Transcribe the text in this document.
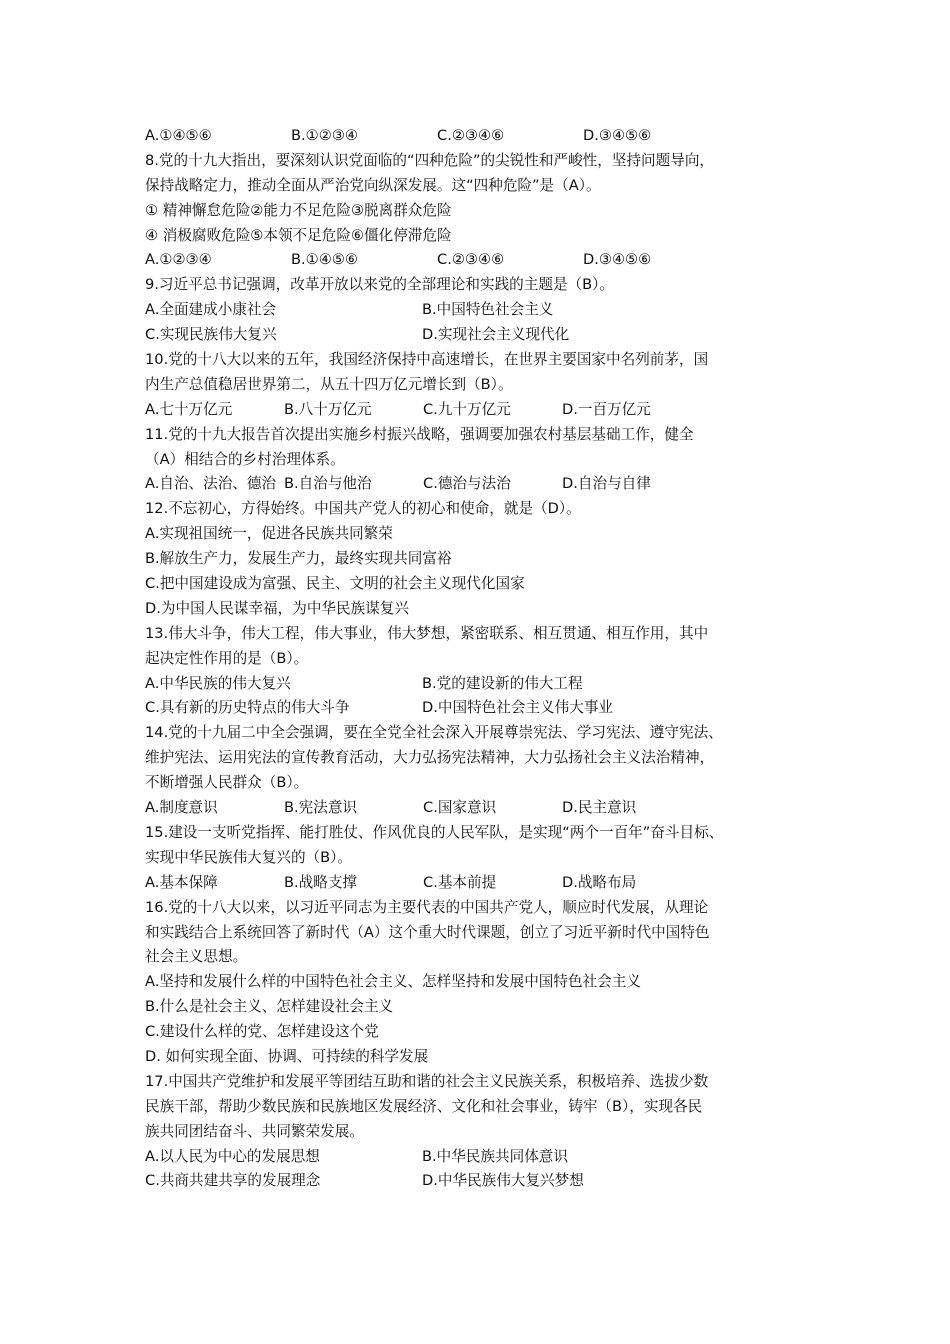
A.①④⑤⑥	B.①②③④	C.②③④⑥	D.③④⑤⑥
8.党的十九大指出，要深刻认识党面临的“四种危险”的尖锐性和严峻性，坚持问题导向，
保持战略定力，推动全面从严治党向纵深发展。这“四种危险”是（A）。
① 精神懈怠危险②能力不足危险③脱离群众危险
④ 消极腐败危险⑤本领不足危险⑥僵化停滞危险
A.①②③④	B.①④⑤⑥	C.②③④⑥	D.③④⑤⑥
9.习近平总书记强调，改革开放以来党的全部理论和实践的主题是（B）。
A.全面建成小康社会	B.中国特色社会主义
C.实现民族伟大复兴	D.实现社会主义现代化
10.党的十八大以来的五年，我国经济保持中高速增长，在世界主要国家中名列前茅，国
内生产总值稳居世界第二，从五十四万亿元增长到（B）。
A.七十万亿元	B.八十万亿元	C.九十万亿元	D.一百万亿元
11.党的十九大报告首次提出实施乡村振兴战略，强调要加强农村基层基础工作，健全
（A）相结合的乡村治理体系。
A.自治、法治、德治 B.自治与他治	C.德治与法治	D.自治与自律
12.不忘初心，方得始终。中国共产党人的初心和使命，就是（D）。
A.实现祖国统一，促进各民族共同繁荣
B.解放生产力，发展生产力，最终实现共同富裕
C.把中国建设成为富强、民主、文明的社会主义现代化国家
D.为中国人民谋幸福，为中华民族谋复兴
13.伟大斗争，伟大工程，伟大事业，伟大梦想，紧密联系、相互贯通、相互作用，其中
起决定性作用的是（B）。
A.中华民族的伟大复兴	B.党的建设新的伟大工程
C.具有新的历史特点的伟大斗争	D.中国特色社会主义伟大事业
14.党的十九届二中全会强调，要在全党全社会深入开展尊崇宪法、学习宪法、遵守宪法、
维护宪法、运用宪法的宣传教育活动，大力弘扬宪法精神，大力弘扬社会主义法治精神，
不断增强人民群众（B）。
A.制度意识	B.宪法意识	C.国家意识	D.民主意识
15.建设一支听党指挥、能打胜仗、作风优良的人民军队，是实现“两个一百年”奋斗目标、
实现中华民族伟大复兴的（B）。
A.基本保障	B.战略支撑	C.基本前提	D.战略布局
16.党的十八大以来，以习近平同志为主要代表的中国共产党人，顺应时代发展，从理论
和实践结合上系统回答了新时代（A）这个重大时代课题，创立了习近平新时代中国特色
社会主义思想。
A.坚持和发展什么样的中国特色社会主义、怎样坚持和发展中国特色社会主义
B.什么是社会主义、怎样建设社会主义
C.建设什么样的党、怎样建设这个党
D. 如何实现全面、协调、可持续的科学发展
17.中国共产党维护和发展平等团结互助和谐的社会主义民族关系，积极培养、选拔少数
民族干部，帮助少数民族和民族地区发展经济、文化和社会事业，铸牢（B），实现各民
族共同团结奋斗、共同繁荣发展。
A.以人民为中心的发展思想	B.中华民族共同体意识
C.共商共建共享的发展理念	D.中华民族伟大复兴梦想
